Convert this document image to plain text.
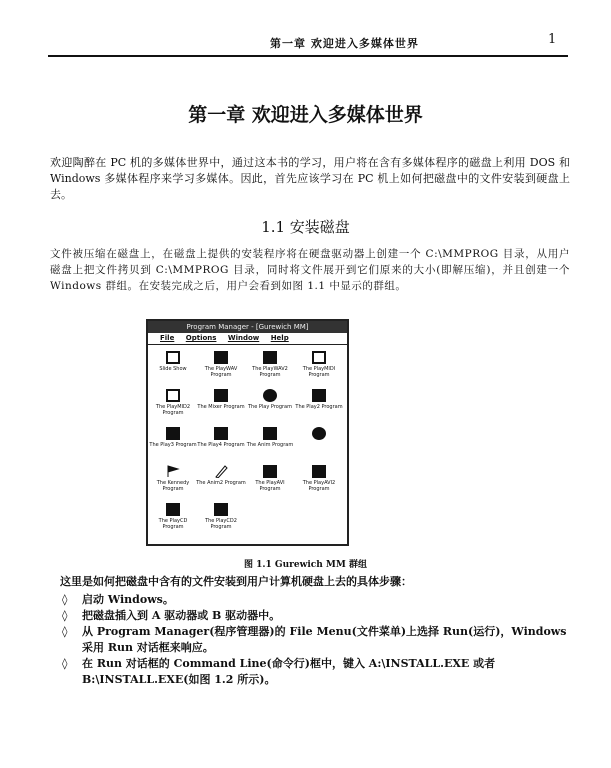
第一章 欢迎进入多媒体世界	1
第一章 欢迎进入多媒体世界
欢迎陶醉在 PC 机的多媒体世界中，通过这本书的学习，用户将在含有多媒体程序的磁盘上利用 DOS 和 Windows 多媒体程序来学习多媒体。因此，首先应该学习在 PC 机上如何把磁盘中的文件安装到硬盘上去。
1.1 安装磁盘
文件被压缩在磁盘上，在磁盘上提供的安装程序将在硬盘驱动器上创建一个 C:\MMPROG 目录，从用户磁盘上把文件拷贝到 C:\MMPROG 目录，同时将文件展开到它们原来的大小(即解压缩)，并且创建一个 Windows 群组。在安装完成之后，用户会看到如图 1.1 中显示的群组。
Program Manager - [Gurewich MM]
File Options Window Help
Slide Show	The PlayWAV Program
The PlayWAV2 Program
The PlayMIDI Program
The PlayMID2 Program
The Mixer Program The Play Program The Play2 Program
The Play3 Program The Play4 Program The Anim Program
The Kennedy Program
The Anim2 Program	The PlayAVI Program
The PlayAVI2 Program
The PlayCD Program
The PlayCD2 Program
图 1.1 Gurewich MM 群组
这里是如何把磁盘中含有的文件安装到用户计算机硬盘上去的具体步骤：
◊ 启动 Windows。
◊ 把磁盘插入到 A 驱动器或 B 驱动器中。
◊ 从 Program Manager(程序管理器)的 File Menu(文件菜单)上选择 Run(运行)，Windows 采用 Run 对话框来响应。
◊ 在 Run 对话框的 Command Line(命令行)框中，键入 A:\INSTALL.EXE 或者 B:\INSTALL.EXE(如图 1.2 所示)。
